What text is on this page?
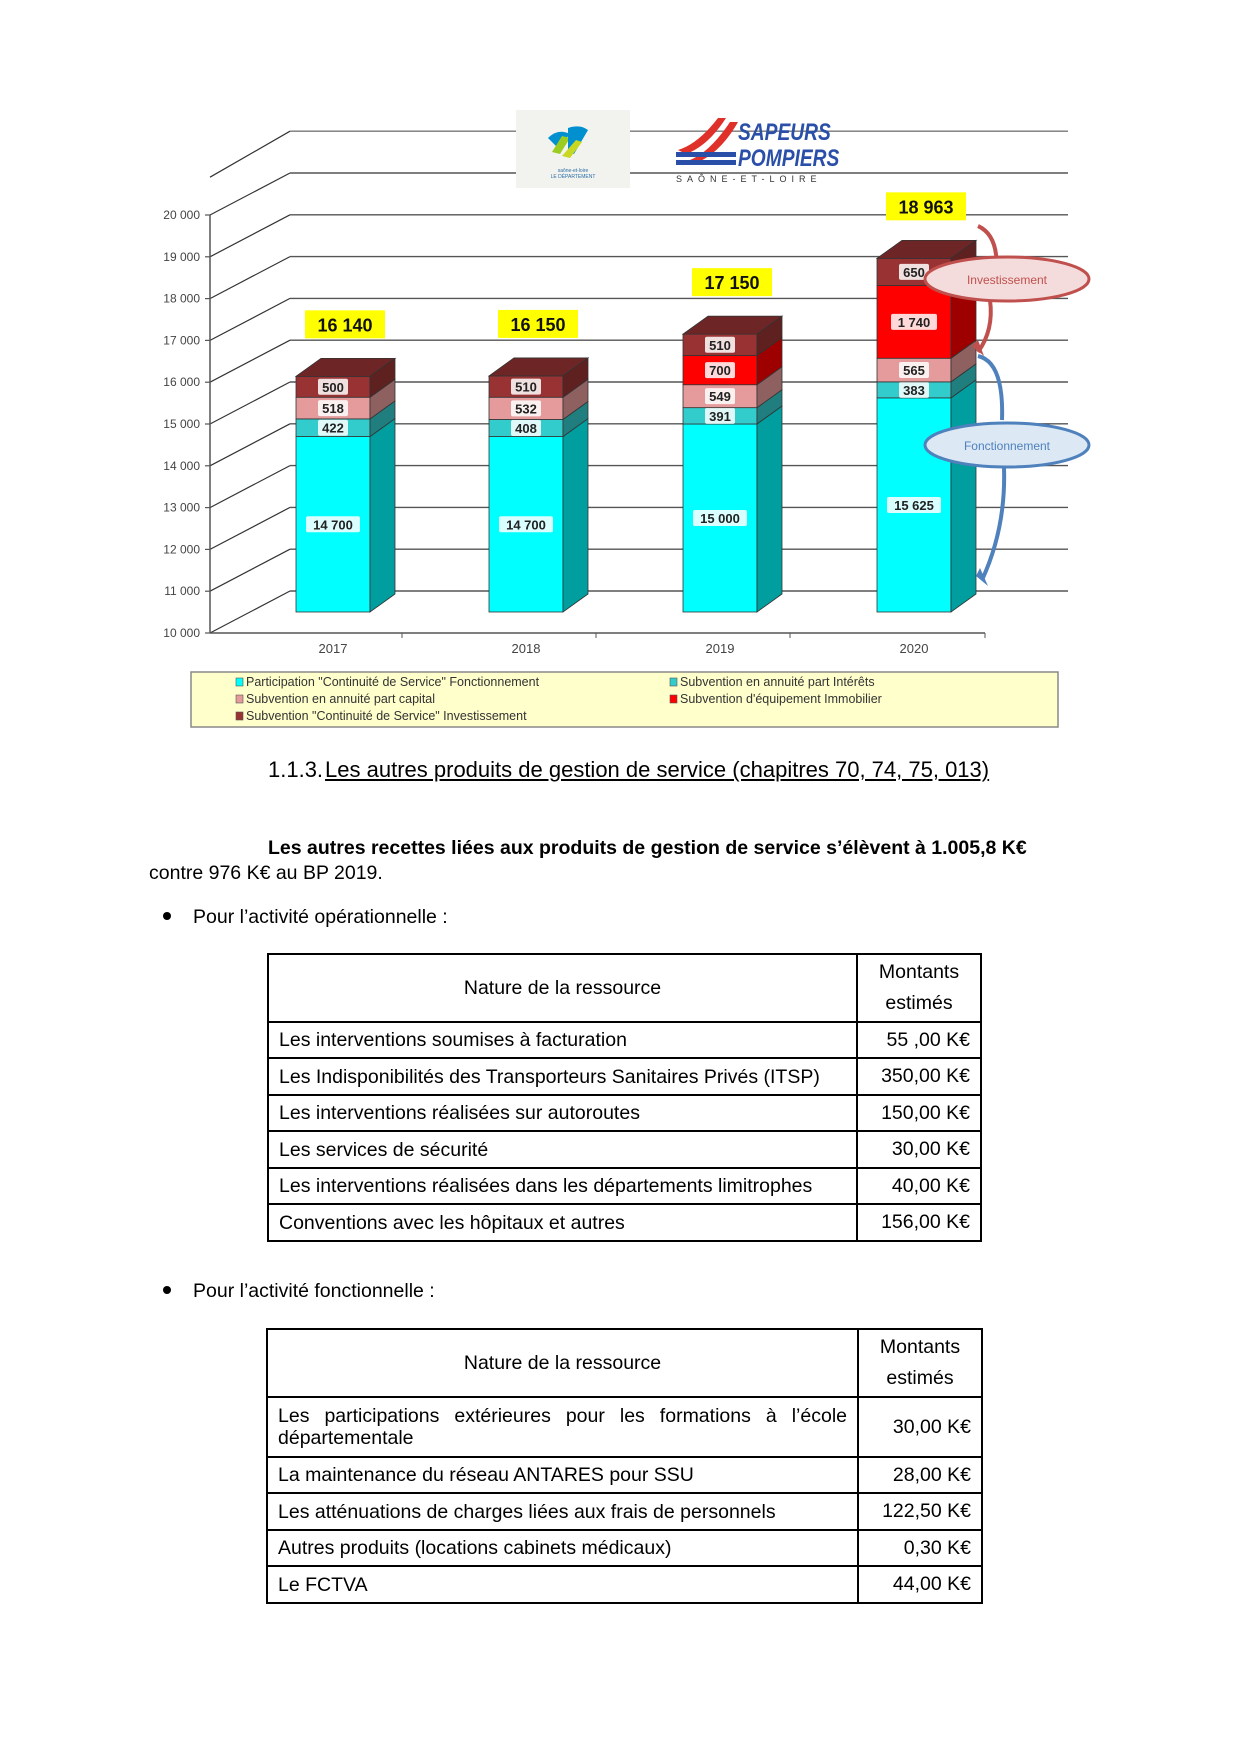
10 000
11 000
12 000
13 000
14 000
15 000
16 000
17 000
18 000
19 000
20 000
2017	2018	2019	2020
14 700
422
518
500
16 140
14 700
408
532
510
16 150
15 000
391
549
700
510
17 150
15 625
383
565
1 740
650
18 963
saône-et-loire
LE DÉPARTEMENT
SAPEURS
POMPIERS
SAÔNE-ET-LOIRE
Investissement
Fonctionnement
Participation "Continuité de Service" Fonctionnement	Subvention en annuité part Intérêts
Subvention en annuité part capital	Subvention d'équipement Immobilier
Subvention "Continuité de Service" Investissement
1.1.3.Les autres produits de gestion de service (chapitres 70, 74, 75, 013)
Les autres recettes liées aux produits de gestion de service s’élèvent à 1.005,8 K€
contre 976 K€ au BP 2019.
Pour l’activité opérationnelle :
Nature de la ressource	Montants
estimés
Les interventions soumises à facturation	55 ,00 K€
Les Indisponibilités des Transporteurs Sanitaires Privés (ITSP)	350,00 K€
Les interventions réalisées sur autoroutes	150,00 K€
Les services de sécurité	30,00 K€
Les interventions réalisées dans les départements limitrophes	40,00 K€
Conventions avec les hôpitaux et autres	156,00 K€
Pour l’activité fonctionnelle :
Nature de la ressource	Montants
estimés
Les participations extérieures pour les formations à l’école départementale	30,00 K€
La maintenance du réseau ANTARES pour SSU	28,00 K€
Les atténuations de charges liées aux frais de personnels	122,50 K€
Autres produits (locations cabinets médicaux)	0,30 K€
Le FCTVA	44,00 K€
